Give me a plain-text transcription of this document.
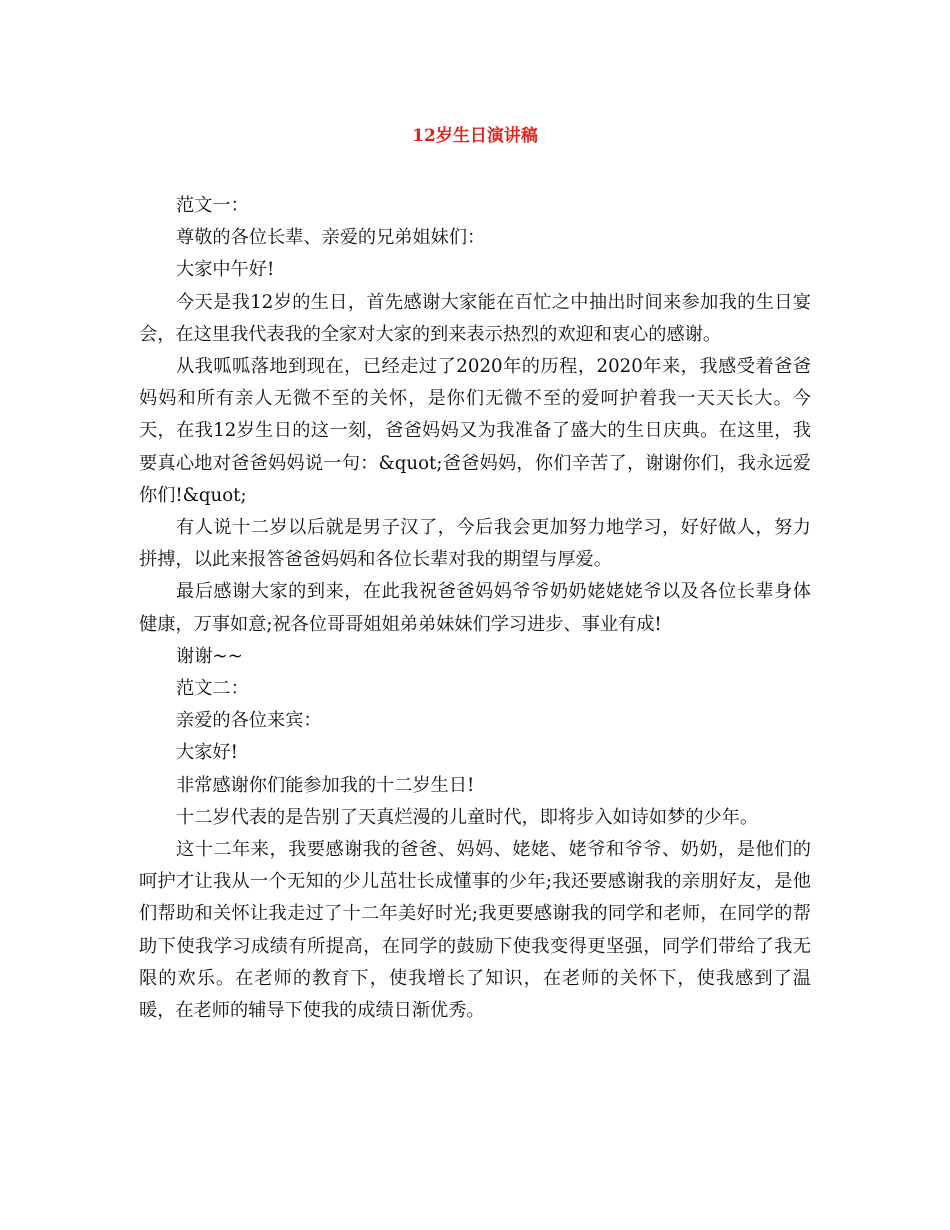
12岁生日演讲稿

范文一：

尊敬的各位长辈、亲爱的兄弟姐妹们：

大家中午好!

今天是我12岁的生日，首先感谢大家能在百忙之中抽出时间来参加我的生日宴会，在这里我代表我的全家对大家的到来表示热烈的欢迎和衷心的感谢。

从我呱呱落地到现在，已经走过了2020年的历程，2020年来，我感受着爸爸妈妈和所有亲人无微不至的关怀，是你们无微不至的爱呵护着我一天天长大。今天，在我12岁生日的这一刻，爸爸妈妈又为我准备了盛大的生日庆典。在这里，我要真心地对爸爸妈妈说一句：&quot;爸爸妈妈，你们辛苦了，谢谢你们，我永远爱你们!&quot;

有人说十二岁以后就是男子汉了，今后我会更加努力地学习，好好做人，努力拼搏，以此来报答爸爸妈妈和各位长辈对我的期望与厚爱。

最后感谢大家的到来，在此我祝爸爸妈妈爷爷奶奶姥姥姥爷以及各位长辈身体健康，万事如意;祝各位哥哥姐姐弟弟妹妹们学习进步、事业有成!

谢谢~~

范文二：

亲爱的各位来宾：

大家好!

非常感谢你们能参加我的十二岁生日!

十二岁代表的是告别了天真烂漫的儿童时代，即将步入如诗如梦的少年。

这十二年来，我要感谢我的爸爸、妈妈、姥姥、姥爷和爷爷、奶奶，是他们的呵护才让我从一个无知的少儿茁壮长成懂事的少年;我还要感谢我的亲朋好友，是他们帮助和关怀让我走过了十二年美好时光;我更要感谢我的同学和老师，在同学的帮助下使我学习成绩有所提高，在同学的鼓励下使我变得更坚强，同学们带给了我无限的欢乐。在老师的教育下，使我增长了知识，在老师的关怀下，使我感到了温暖，在老师的辅导下使我的成绩日渐优秀。
